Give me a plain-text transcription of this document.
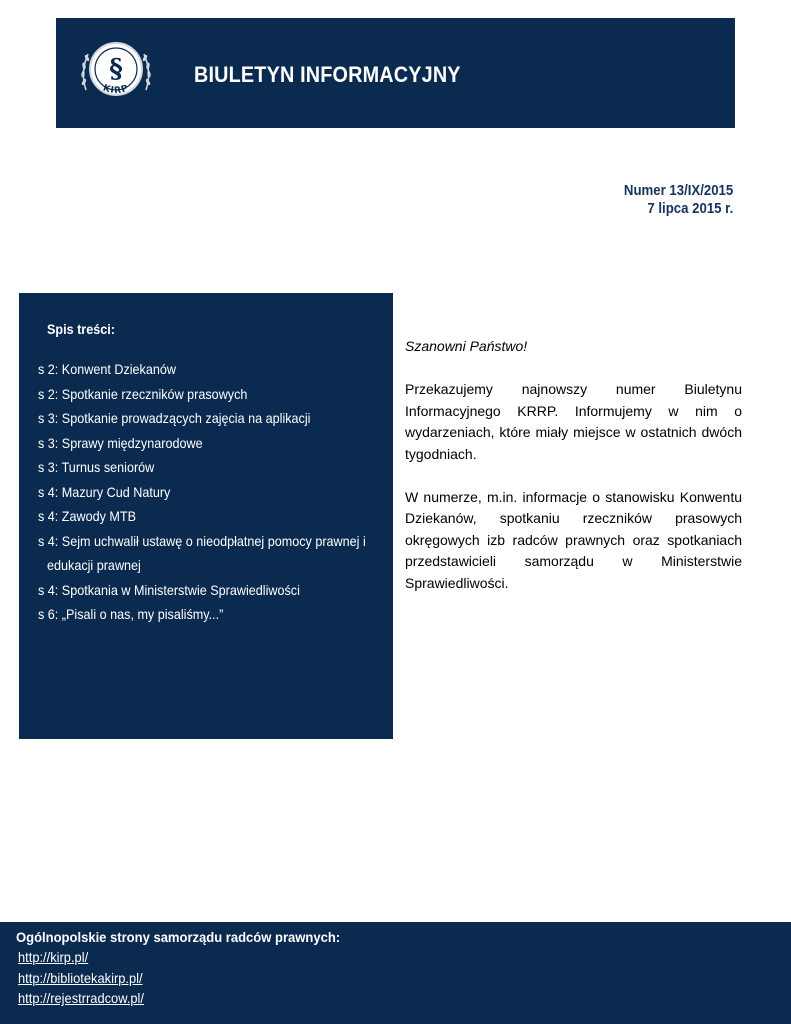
§
KIRP
BIULETYN INFORMACYJNY
Numer 13/IX/2015
7 lipca 2015 r.
Spis treści:
s 2: Konwent Dziekanów
s 2: Spotkanie rzeczników prasowych
s 3: Spotkanie prowadzących zajęcia na aplikacji
s 3: Sprawy międzynarodowe
s 3: Turnus seniorów
s 4: Mazury Cud Natury
s 4: Zawody MTB
s 4: Sejm uchwalił ustawę o nieodpłatnej pomocy prawnej i
edukacji prawnej
s 4: Spotkania w Ministerstwie Sprawiedliwości
s 6: „Pisali o nas, my pisaliśmy...”

Szanowni Państwo!

Przekazujemy najnowszy numer Biuletynu Informacyjnego KRRP. Informujemy w nim o wydarzeniach, które miały miejsce w ostatnich dwóch tygodniach.

W numerze, m.in. informacje o stanowisku Konwentu Dziekanów, spotkaniu rzeczników prasowych okręgowych izb radców prawnych oraz spotkaniach przedstawicieli samorządu w Ministerstwie Sprawiedliwości.

Ogólnopolskie strony samorządu radców prawnych:
http://kirp.pl/
http://bibliotekakirp.pl/
http://rejestrradcow.pl/
